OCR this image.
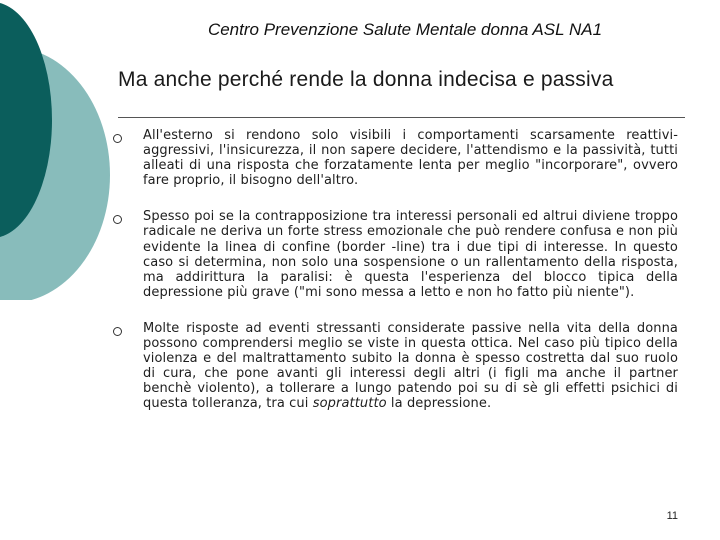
Centro Prevenzione Salute Mentale donna ASL NA1
Ma anche perché rende la donna indecisa e passiva
All'esterno si rendono solo visibili i comportamenti scarsamente reattivi-aggressivi, l'insicurezza, il non sapere decidere, l'attendismo e la passività, tutti alleati di una risposta che forzatamente lenta per meglio "incorporare", ovvero fare proprio, il bisogno dell'altro.
Spesso poi se la contrapposizione tra interessi personali ed altrui diviene troppo radicale ne deriva un forte stress emozionale che può rendere confusa e non più evidente la linea di confine (border -line) tra i due tipi di interesse. In questo caso si determina, non solo una sospensione o un rallentamento della risposta, ma addirittura la paralisi: è questa l'esperienza del blocco tipica della depressione più grave ("mi sono messa a letto e non ho fatto più niente").
Molte risposte ad eventi stressanti considerate passive nella vita della donna possono comprendersi meglio se viste in questa ottica. Nel caso più tipico della violenza e del maltrattamento subito la donna è spesso costretta dal suo ruolo di cura, che pone avanti gli interessi degli altri (i figli ma anche il partner benchè violento), a tollerare a lungo patendo poi su di sè gli effetti psichici di questa tolleranza, tra cui soprattutto la depressione.
11
